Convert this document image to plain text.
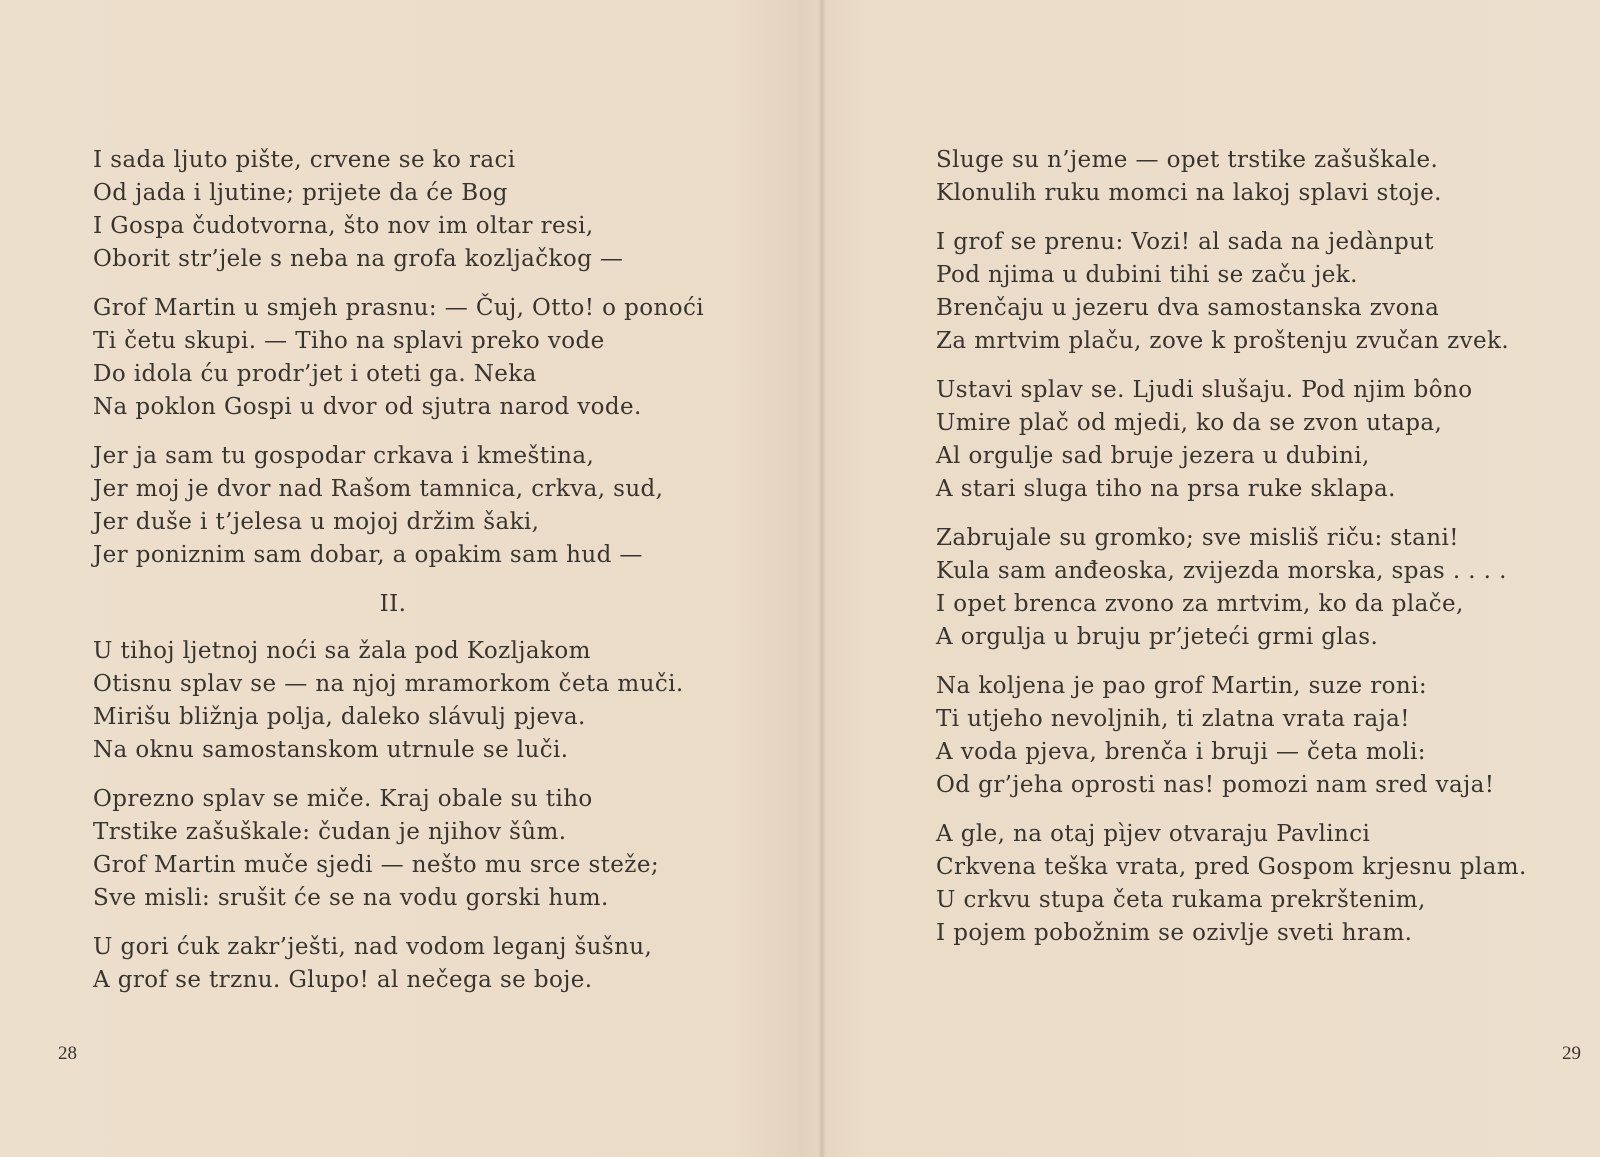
I sada ljuto pište, crvene se ko raci
Od jada i ljutine; prijete da će Bog
I Gospa čudotvorna, što nov im oltar resi,
Oborit str’jele s neba na grofa kozljačkog —
Grof Martin u smjeh prasnu: — Čuj, Otto! o ponoći
Ti četu skupi. — Tiho na splavi preko vode
Do idola ću prodr’jet i oteti ga. Neka
Na poklon Gospi u dvor od sjutra narod vode.
Jer ja sam tu gospodar crkava i kmeština,
Jer moj je dvor nad Rašom tamnica, crkva, sud,
Jer duše i t’jelesa u mojoj držim šaki,
Jer poniznim sam dobar, a opakim sam hud —
II.
U tihoj ljetnoj noći sa žala pod Kozljakom
Otisnu splav se — na njoj mramorkom četa muči.
Mirišu bližnja polja, daleko slávulj pjeva.
Na oknu samostanskom utrnule se luči.
Oprezno splav se miče. Kraj obale su tiho
Trstike zašuškale: čudan je njihov šûm.
Grof Martin muče sjedi — nešto mu srce steže;
Sve misli: srušit će se na vodu gorski hum.
U gori ćuk zakr’ješti, nad vodom leganj šušnu,
A grof se trznu. Glupo! al nečega se boje.
28
Sluge su n’jeme — opet trstike zašuškale.
Klonulih ruku momci na lakoj splavi stoje.
I grof se prenu: Vozi! al sada na jedànput
Pod njima u dubini tihi se začu jek.
Brenčaju u jezeru dva samostanska zvona
Za mrtvim plaču, zove k proštenju zvučan zvek.
Ustavi splav se. Ljudi slušaju. Pod njim bôno
Umire plač od mjedi, ko da se zvon utapa,
Al orgulje sad bruje jezera u dubini,
A stari sluga tiho na prsa ruke sklapa.
Zabrujale su gromko; sve misliš riču: stani!
Kula sam anđeoska, zvijezda morska, spas . . . .
I opet brenca zvono za mrtvim, ko da plače,
A orgulja u bruju pr’jeteći grmi glas.
Na koljena je pao grof Martin, suze roni:
Ti utjeho nevoljnih, ti zlatna vrata raja!
A voda pjeva, brenča i bruji — četa moli:
Od gr’jeha oprosti nas! pomozi nam sred vaja!
A gle, na otaj pìjev otvaraju Pavlinci
Crkvena teška vrata, pred Gospom krjesnu plam.
U crkvu stupa četa rukama prekrštenim,
I pojem pobožnim se ozivlje sveti hram.
29
